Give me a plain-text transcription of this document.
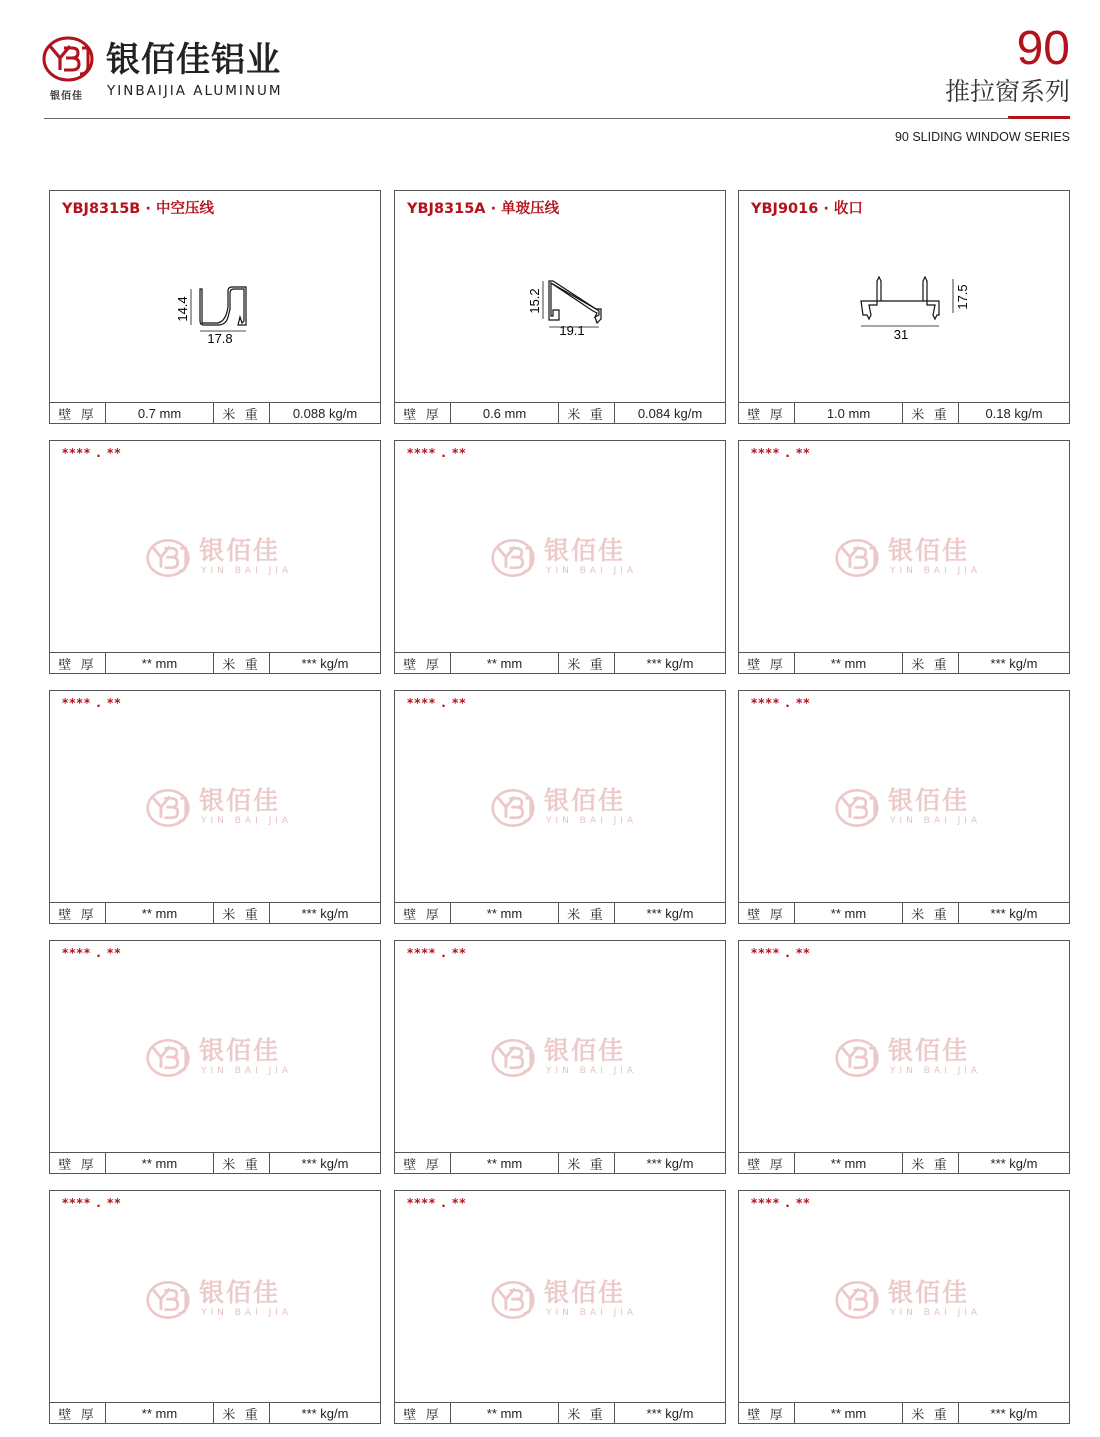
银佰佳
银佰佳铝业
YINBAIJIA ALUMINUM
90
推拉窗系列
90 SLIDING WINDOW SERIES
YBJ8315B · 中空压线
14.4
17.8
壁 厚	0.7 mm	米 重	0.088 kg/m
YBJ8315A · 单玻压线
15.2
19.1
壁 厚	0.6 mm	米 重	0.084 kg/m
YBJ9016 · 收口
31
17.5
壁 厚	1.0 mm	米 重	0.18 kg/m
**** . **
银佰佳
YIN BAI JIA
壁 厚	** mm	米 重	*** kg/m
**** . **
银佰佳
YIN BAI JIA
壁 厚	** mm	米 重	*** kg/m
**** . **
银佰佳
YIN BAI JIA
壁 厚	** mm	米 重	*** kg/m
**** . **
银佰佳
YIN BAI JIA
壁 厚	** mm	米 重	*** kg/m
**** . **
银佰佳
YIN BAI JIA
壁 厚	** mm	米 重	*** kg/m
**** . **
银佰佳
YIN BAI JIA
壁 厚	** mm	米 重	*** kg/m
**** . **
银佰佳
YIN BAI JIA
壁 厚	** mm	米 重	*** kg/m
**** . **
银佰佳
YIN BAI JIA
壁 厚	** mm	米 重	*** kg/m
**** . **
银佰佳
YIN BAI JIA
壁 厚	** mm	米 重	*** kg/m
**** . **
银佰佳
YIN BAI JIA
壁 厚	** mm	米 重	*** kg/m
**** . **
银佰佳
YIN BAI JIA
壁 厚	** mm	米 重	*** kg/m
**** . **
银佰佳
YIN BAI JIA
壁 厚	** mm	米 重	*** kg/m
